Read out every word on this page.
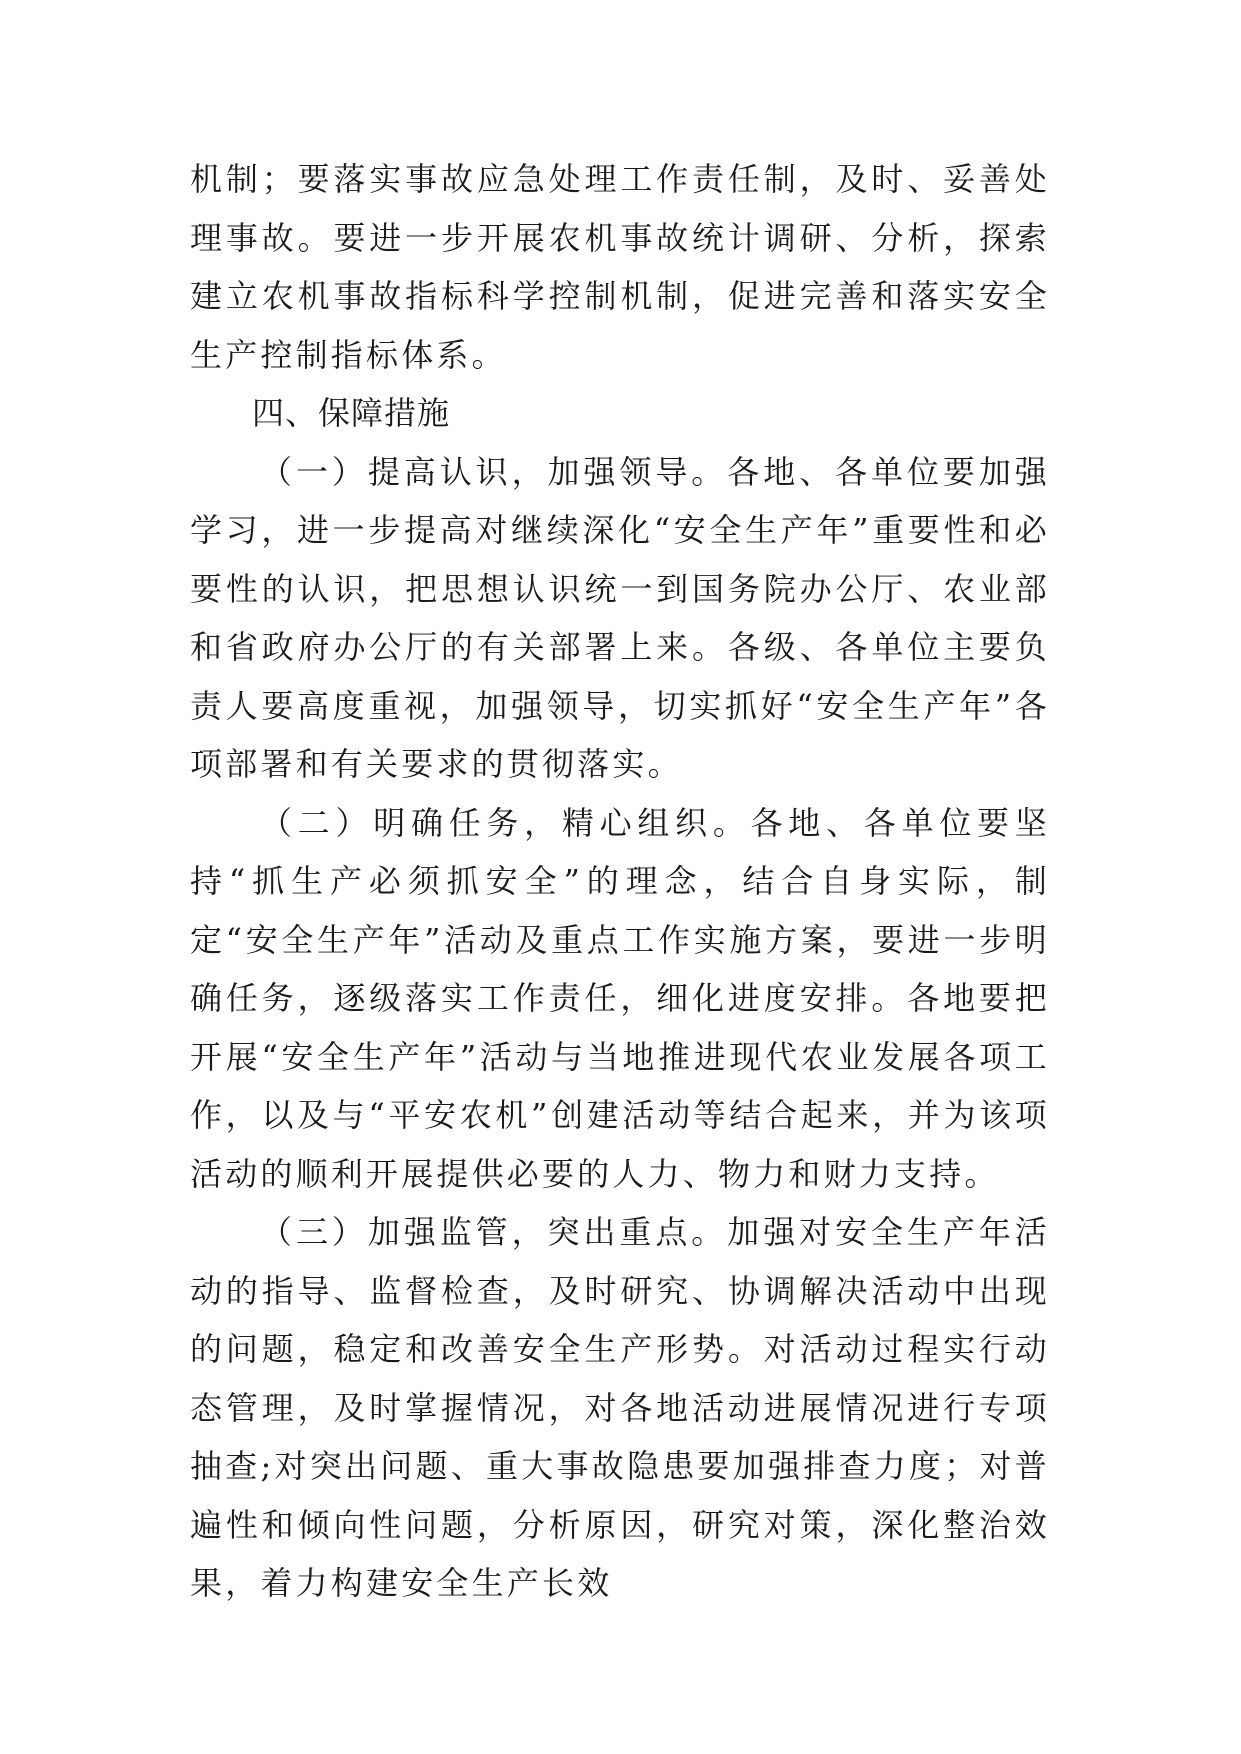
机制；要落实事故应急处理工作责任制，及时、妥善处理事故。要进一步开展农机事故统计调研、分析，探索建立农机事故指标科学控制机制，促进完善和落实安全生产控制指标体系。

四、保障措施

（一）提高认识，加强领导。各地、各单位要加强学习，进一步提高对继续深化“安全生产年”重要性和必要性的认识，把思想认识统一到国务院办公厅、农业部和省政府办公厅的有关部署上来。各级、各单位主要负责人要高度重视，加强领导，切实抓好“安全生产年”各项部署和有关要求的贯彻落实。

（二）明确任务，精心组织。各地、各单位要坚持“抓生产必须抓安全”的理念，结合自身实际，制定“安全生产年”活动及重点工作实施方案，要进一步明确任务，逐级落实工作责任，细化进度安排。各地要把开展“安全生产年”活动与当地推进现代农业发展各项工作，以及与“平安农机”创建活动等结合起来，并为该项活动的顺利开展提供必要的人力、物力和财力支持。

（三）加强监管，突出重点。加强对安全生产年活动的指导、监督检查，及时研究、协调解决活动中出现的问题，稳定和改善安全生产形势。对活动过程实行动态管理，及时掌握情况，对各地活动进展情况进行专项抽查;对突出问题、重大事故隐患要加强排查力度；对普遍性和倾向性问题，分析原因，研究对策，深化整治效果，着力构建安全生产长效
